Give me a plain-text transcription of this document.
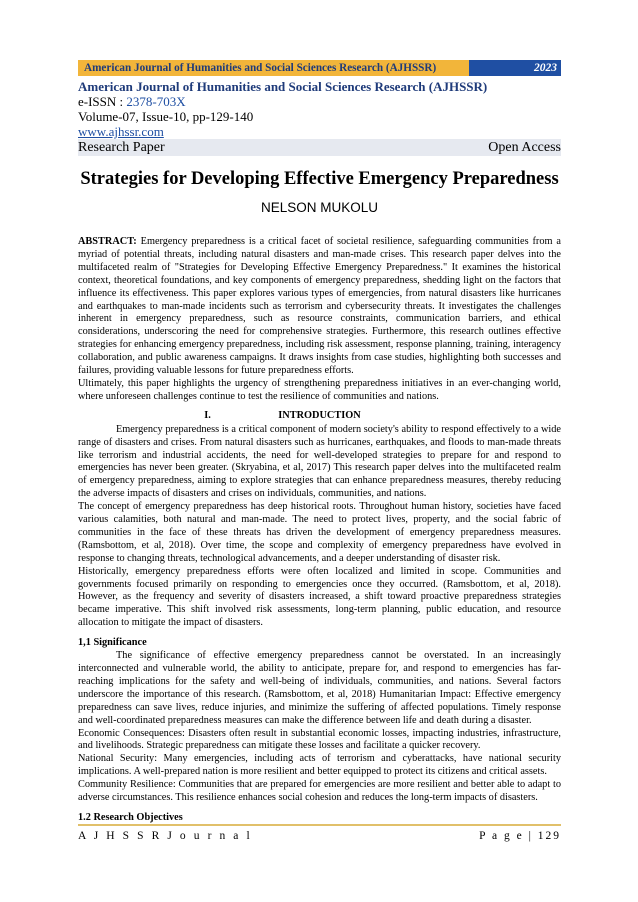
American Journal of Humanities and Social Sciences Research (AJHSSR)	2023
American Journal of Humanities and Social Sciences Research (AJHSSR)
e-ISSN : 2378-703X
Volume-07, Issue-10, pp-129-140
www.ajhssr.com
Research Paper	Open Access
Strategies for Developing Effective Emergency Preparedness
NELSON MUKOLU

ABSTRACT: Emergency preparedness is a critical facet of societal resilience, safeguarding communities from a myriad of potential threats, including natural disasters and man-made crises. This research paper delves into the multifaceted realm of "Strategies for Developing Effective Emergency Preparedness." It examines the historical context, theoretical foundations, and key components of emergency preparedness, shedding light on the factors that influence its effectiveness. This paper explores various types of emergencies, from natural disasters like hurricanes and earthquakes to man-made incidents such as terrorism and cybersecurity threats. It investigates the challenges inherent in emergency preparedness, such as resource constraints, communication barriers, and ethical considerations, underscoring the need for comprehensive strategies. Furthermore, this research outlines effective strategies for enhancing emergency preparedness, including risk assessment, response planning, training, interagency collaboration, and public awareness campaigns. It draws insights from case studies, highlighting both successes and failures, providing valuable lessons for future preparedness efforts.

Ultimately, this paper highlights the urgency of strengthening preparedness initiatives in an ever-changing world, where unforeseen challenges continue to test the resilience of communities and nations.

I.	INTRODUCTION

Emergency preparedness is a critical component of modern society's ability to respond effectively to a wide range of disasters and crises. From natural disasters such as hurricanes, earthquakes, and floods to man-made threats like terrorism and industrial accidents, the need for well-developed strategies to prepare for and respond to emergencies has never been greater. (Skryabina, et al, 2017) This research paper delves into the multifaceted realm of emergency preparedness, aiming to explore strategies that can enhance preparedness measures, thereby reducing the adverse impacts of disasters and crises on individuals, communities, and nations.

The concept of emergency preparedness has deep historical roots. Throughout human history, societies have faced various calamities, both natural and man-made. The need to protect lives, property, and the social fabric of communities in the face of these threats has driven the development of emergency preparedness measures. (Ramsbottom, et al, 2018). Over time, the scope and complexity of emergency preparedness have evolved in response to changing threats, technological advancements, and a deeper understanding of disaster risk.

Historically, emergency preparedness efforts were often localized and limited in scope. Communities and governments focused primarily on responding to emergencies once they occurred. (Ramsbottom, et al, 2018). However, as the frequency and severity of disasters increased, a shift toward proactive preparedness strategies became imperative. This shift involved risk assessments, long-term planning, public education, and resource allocation to mitigate the impact of disasters.

1,1 Significance

The significance of effective emergency preparedness cannot be overstated. In an increasingly interconnected and vulnerable world, the ability to anticipate, prepare for, and respond to emergencies has far-reaching implications for the safety and well-being of individuals, communities, and nations. Several factors underscore the importance of this research. (Ramsbottom, et al, 2018) Humanitarian Impact: Effective emergency preparedness can save lives, reduce injuries, and minimize the suffering of affected populations. Timely response and well-coordinated preparedness measures can make the difference between life and death during a disaster.

Economic Consequences: Disasters often result in substantial economic losses, impacting industries, infrastructure, and livelihoods. Strategic preparedness can mitigate these losses and facilitate a quicker recovery.

National Security: Many emergencies, including acts of terrorism and cyberattacks, have national security implications. A well-prepared nation is more resilient and better equipped to protect its citizens and critical assets.

Community Resilience: Communities that are prepared for emergencies are more resilient and better able to adapt to adverse circumstances. This resilience enhances social cohesion and reduces the long-term impacts of disasters.

1.2 Research Objectives

A J H S S R J o u r n a l	P a g e | 129
